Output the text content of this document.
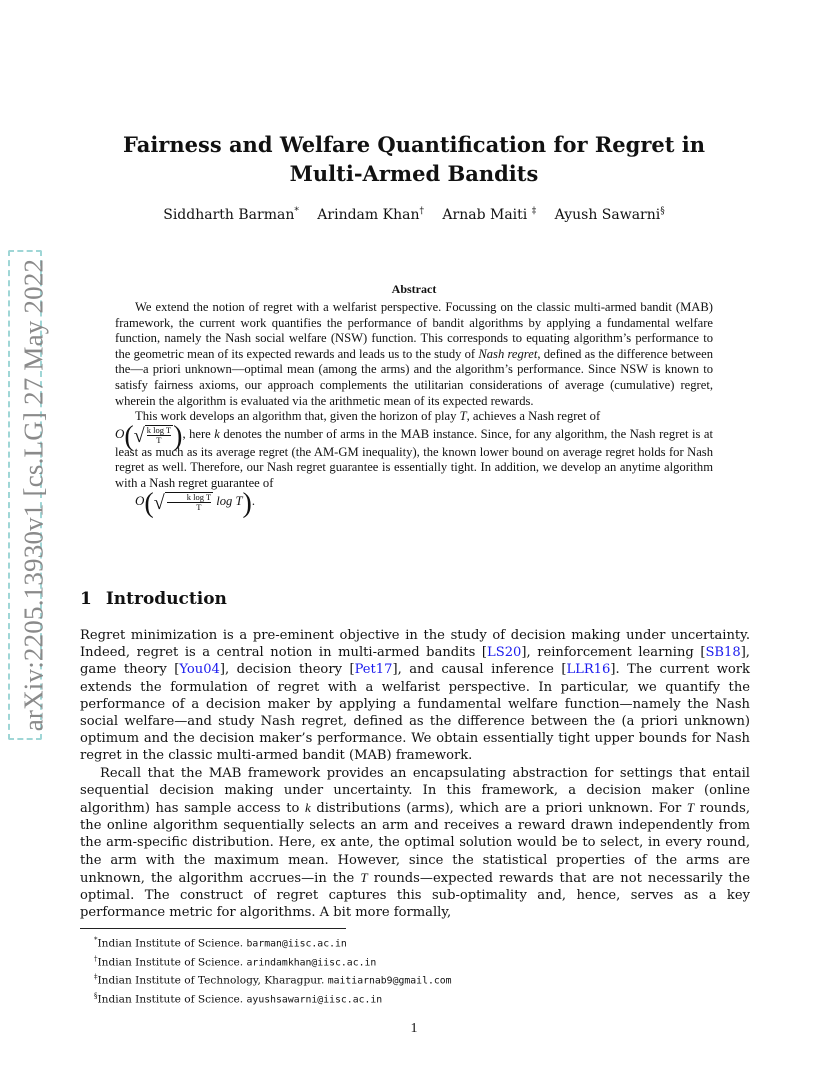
arXiv:2205.13930v1 [cs.LG] 27 May 2022
Fairness and Welfare Quantification for Regret in
Multi-Armed Bandits
Siddharth Barman* Arindam Khan† Arnab Maiti ‡ Ayush Sawarni§
Abstract

We extend the notion of regret with a welfarist perspective. Focussing on the classic multi-armed bandit (MAB) framework, the current work quantifies the performance of bandit algorithms by applying a fundamental welfare function, namely the Nash social welfare (NSW) function. This corresponds to equating algorithm’s performance to the geometric mean of its expected rewards and leads us to the study of Nash regret, defined as the difference between the—a priori unknown—optimal mean (among the arms) and the algorithm’s performance. Since NSW is known to satisfy fairness axioms, our approach complements the utilitarian considerations of average (cumulative) regret, wherein the algorithm is evaluated via the arithmetic mean of its expected rewards.

This work develops an algorithm that, given the horizon of play T, achieves a Nash regret of
$O(√ \frac{\text{k log T}}{T}$ ), here k denotes the number of arms in the MAB instance. Since, for any algorithm, the Nash regret is at least as much as its average regret (the AM-GM inequality), the known lower bound on average regret holds for Nash regret as well. Therefore, our Nash regret guarantee is essentially tight. In addition, we develop an anytime algorithm with a Nash regret guarantee of
$O(√ \frac{\text{k log T}}{T}$ log T).

1 Introduction

Regret minimization is a pre-eminent objective in the study of decision making under uncertainty. Indeed, regret is a central notion in multi-armed bandits [LS20], reinforcement learning [SB18], game theory [You04], decision theory [Pet17], and causal inference [LLR16]. The current work extends the formulation of regret with a welfarist perspective. In particular, we quantify the performance of a decision maker by applying a fundamental welfare function—namely the Nash social welfare—and study Nash regret, defined as the difference between the (a priori unknown) optimum and the decision maker’s performance. We obtain essentially tight upper bounds for Nash regret in the classic multi-armed bandit (MAB) framework.

Recall that the MAB framework provides an encapsulating abstraction for settings that entail sequential decision making under uncertainty. In this framework, a decision maker (online algorithm) has sample access to k distributions (arms), which are a priori unknown. For T rounds, the online algorithm sequentially selects an arm and receives a reward drawn independently from the arm-specific distribution. Here, ex ante, the optimal solution would be to select, in every round, the arm with the maximum mean. However, since the statistical properties of the arms are unknown, the algorithm accrues—in the T rounds—expected rewards that are not necessarily the optimal. The construct of regret captures this sub-optimality and, hence, serves as a key performance metric for algorithms. A bit more formally,

*Indian Institute of Science. barman@iisc.ac.in
†Indian Institute of Science. arindamkhan@iisc.ac.in
‡Indian Institute of Technology, Kharagpur. maitiarnab9@gmail.com
§Indian Institute of Science. ayushsawarni@iisc.ac.in
1
